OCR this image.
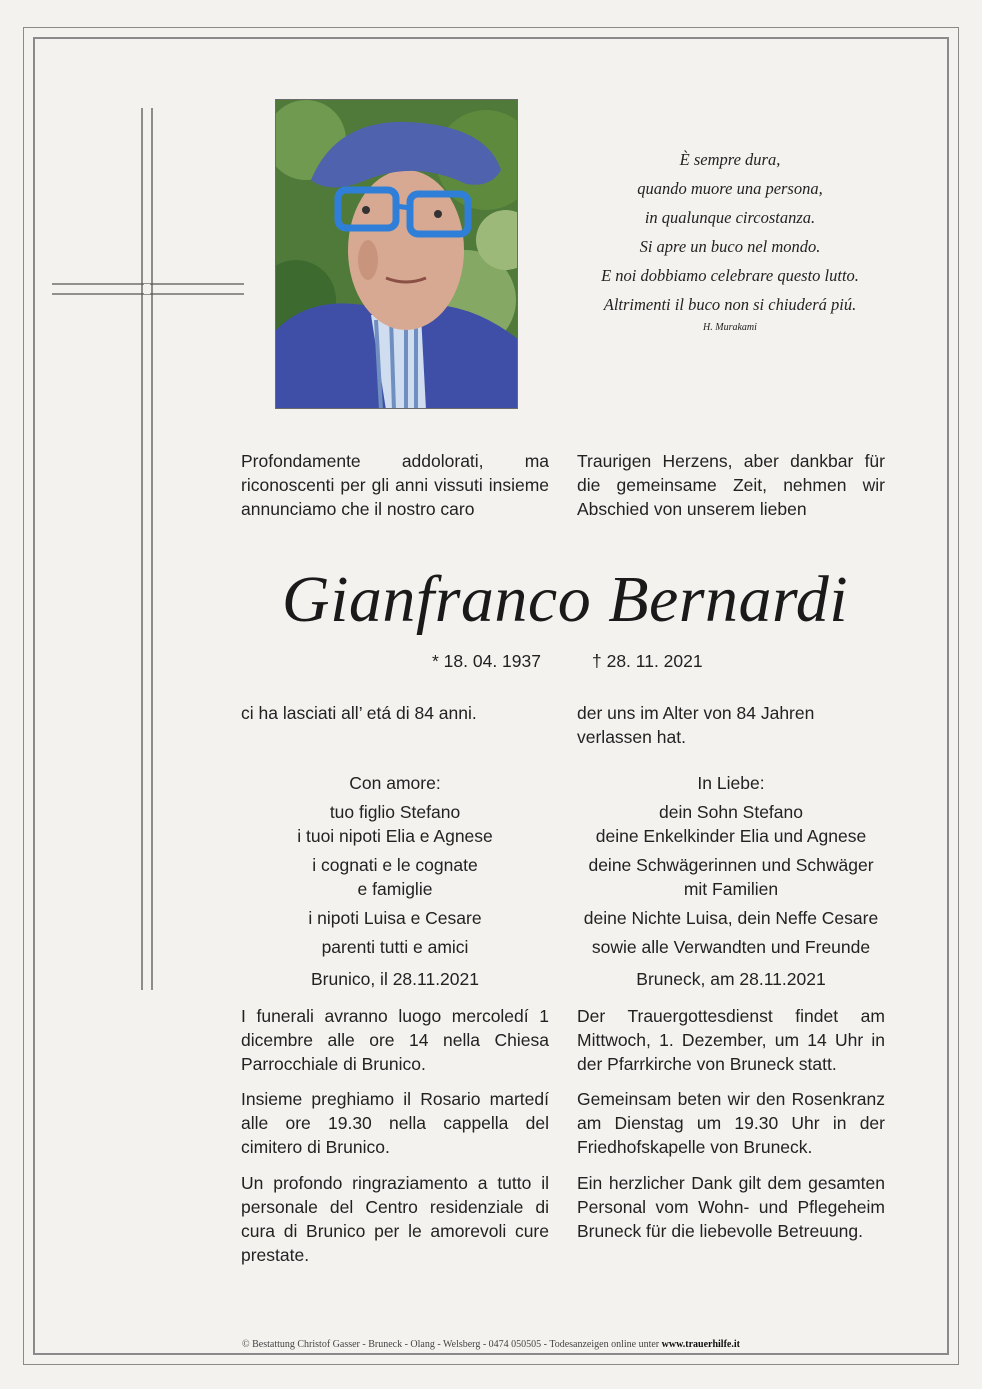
È sempre dura,
quando muore una persona,
in qualunque circostanza.
Si apre un buco nel mondo.
E noi dobbiamo celebrare questo lutto.
Altrimenti il buco non si chiuderá piú.
H. Murakami
Profondamente addolorati, ma riconoscenti per gli anni vissuti insieme annunciamo che il nostro caro
Traurigen Herzens, aber dankbar für die gemeinsame Zeit, nehmen wir Abschied von unserem lieben
Gianfranco Bernardi
* 18. 04. 1937	† 28. 11. 2021
ci ha lasciati all’ etá di 84 anni.	der uns im Alter von 84 Jahren verlassen hat.
Con amore:
tuo figlio Stefano
i tuoi nipoti Elia e Agnese
i cognati e le cognate
e famiglie
i nipoti Luisa e Cesare
parenti tutti e amici
In Liebe:
dein Sohn Stefano
deine Enkelkinder Elia und Agnese
deine Schwägerinnen und Schwäger
mit Familien
deine Nichte Luisa, dein Neffe Cesare
sowie alle Verwandten und Freunde
Brunico, il 28.11.2021	Bruneck, am 28.11.2021
I funerali avranno luogo mercoledí 1 dicembre alle ore 14 nella Chiesa Parrocchiale di Brunico.
Der Trauergottesdienst findet am Mittwoch, 1. Dezember, um 14 Uhr in der Pfarrkirche von Bruneck statt.
Insieme preghiamo il Rosario martedí alle ore 19.30 nella cappella del cimitero di Brunico.
Gemeinsam beten wir den Rosenkranz am Dienstag um 19.30 Uhr in der Friedhofskapelle von Bruneck.
Un profondo ringraziamento a tutto il personale del Centro residenziale di cura di Brunico per le amorevoli cure prestate.
Ein herzlicher Dank gilt dem gesamten Personal vom Wohn- und Pflegeheim Bruneck für die liebevolle Betreuung.
© Bestattung Christof Gasser - Bruneck - Olang - Welsberg - 0474 050505 - Todesanzeigen online unter www.trauerhilfe.it
